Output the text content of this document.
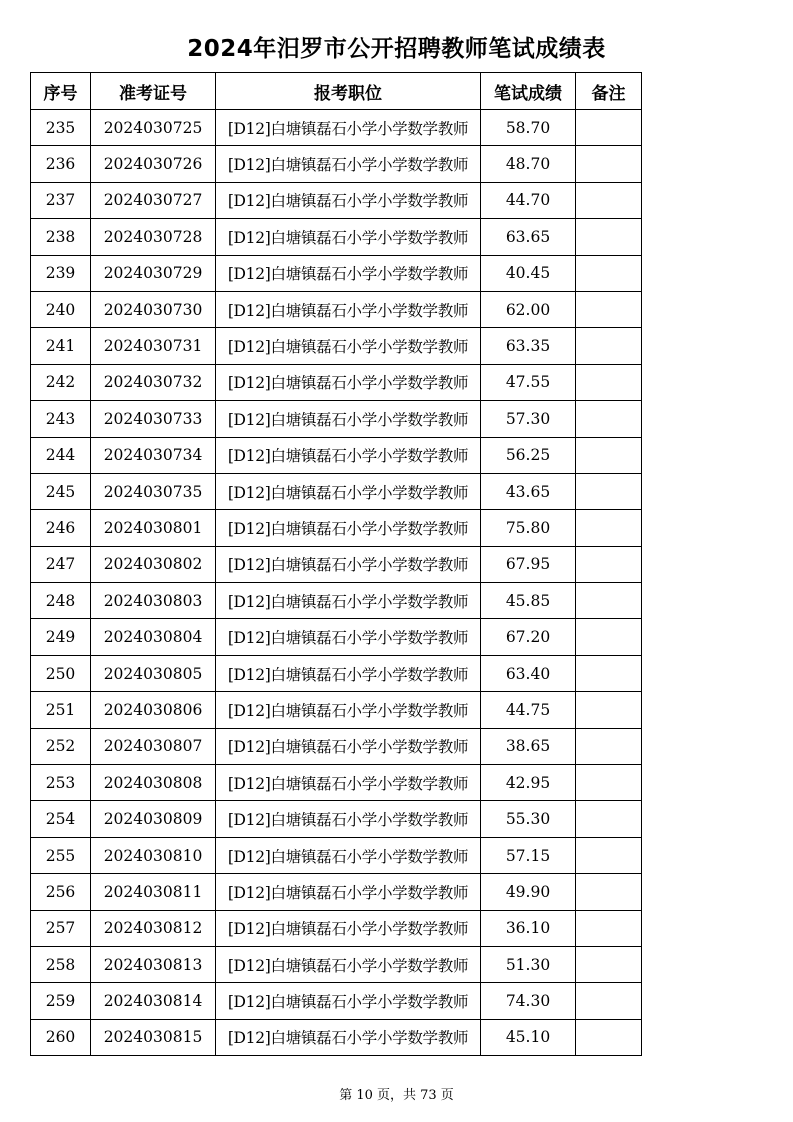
2024年汨罗市公开招聘教师笔试成绩表
序号	准考证号	报考职位	笔试成绩	备注
235	2024030725	[D12]白塘镇磊石小学小学数学教师	58.70	
236	2024030726	[D12]白塘镇磊石小学小学数学教师	48.70	
237	2024030727	[D12]白塘镇磊石小学小学数学教师	44.70	
238	2024030728	[D12]白塘镇磊石小学小学数学教师	63.65	
239	2024030729	[D12]白塘镇磊石小学小学数学教师	40.45	
240	2024030730	[D12]白塘镇磊石小学小学数学教师	62.00	
241	2024030731	[D12]白塘镇磊石小学小学数学教师	63.35	
242	2024030732	[D12]白塘镇磊石小学小学数学教师	47.55	
243	2024030733	[D12]白塘镇磊石小学小学数学教师	57.30	
244	2024030734	[D12]白塘镇磊石小学小学数学教师	56.25	
245	2024030735	[D12]白塘镇磊石小学小学数学教师	43.65	
246	2024030801	[D12]白塘镇磊石小学小学数学教师	75.80	
247	2024030802	[D12]白塘镇磊石小学小学数学教师	67.95	
248	2024030803	[D12]白塘镇磊石小学小学数学教师	45.85	
249	2024030804	[D12]白塘镇磊石小学小学数学教师	67.20	
250	2024030805	[D12]白塘镇磊石小学小学数学教师	63.40	
251	2024030806	[D12]白塘镇磊石小学小学数学教师	44.75	
252	2024030807	[D12]白塘镇磊石小学小学数学教师	38.65	
253	2024030808	[D12]白塘镇磊石小学小学数学教师	42.95	
254	2024030809	[D12]白塘镇磊石小学小学数学教师	55.30	
255	2024030810	[D12]白塘镇磊石小学小学数学教师	57.15	
256	2024030811	[D12]白塘镇磊石小学小学数学教师	49.90	
257	2024030812	[D12]白塘镇磊石小学小学数学教师	36.10	
258	2024030813	[D12]白塘镇磊石小学小学数学教师	51.30	
259	2024030814	[D12]白塘镇磊石小学小学数学教师	74.30	
260	2024030815	[D12]白塘镇磊石小学小学数学教师	45.10	
第 10 页，共 73 页
